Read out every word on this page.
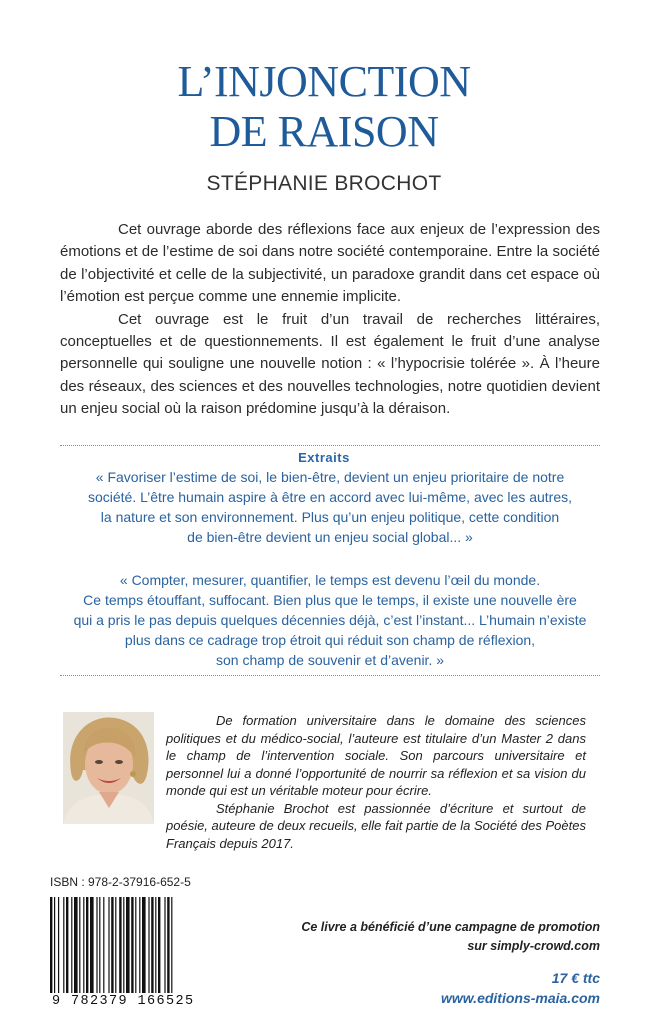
L’INJONCTION
DE RAISON
STÉPHANIE BROCHOT

Cet ouvrage aborde des réflexions face aux enjeux de l’expression des émotions et de l’estime de soi dans notre société contemporaine. Entre la société de l’objectivité et celle de la subjectivité, un paradoxe grandit dans cet espace où l’émotion est perçue comme une ennemie implicite.

Cet ouvrage est le fruit d’un travail de recherches littéraires, conceptuelles et de questionnements. Il est également le fruit d’une analyse personnelle qui souligne une nouvelle notion : « l’hypocrisie tolérée ». À l’heure des réseaux, des sciences et des nouvelles technologies, notre quotidien devient un enjeu social où la raison prédomine jusqu’à la déraison.

Extraits
« Favoriser l’estime de soi, le bien-être, devient un enjeu prioritaire de notre
société. L’être humain aspire à être en accord avec lui-même, avec les autres,
la nature et son environnement. Plus qu’un enjeu politique, cette condition
de bien-être devient un enjeu social global... »
« Compter, mesurer, quantifier, le temps est devenu l’œil du monde.
Ce temps étouffant, suffocant. Bien plus que le temps, il existe une nouvelle ère
qui a pris le pas depuis quelques décennies déjà, c’est l’instant... L’humain n’existe
plus dans ce cadrage trop étroit qui réduit son champ de réflexion,
son champ de souvenir et d’avenir. »

De formation universitaire dans le domaine des sciences politiques et du médico-social, l’auteure est titulaire d’un Master 2 dans le champ de l’intervention sociale. Son parcours universitaire et personnel lui a donné l’opportunité de nourrir sa réflexion et sa vision du monde qui est un véritable moteur pour écrire.

Stéphanie Brochot est passionnée d’écriture et surtout de poésie, auteure de deux recueils, elle fait partie de la Société des Poètes Français depuis 2017.

ISBN : 978-2-37916-652-5
9 782379 166525
Ce livre a bénéficié d’une campagne de promotion
sur simply-crowd.com
17 € ttc
www.editions-maia.com
